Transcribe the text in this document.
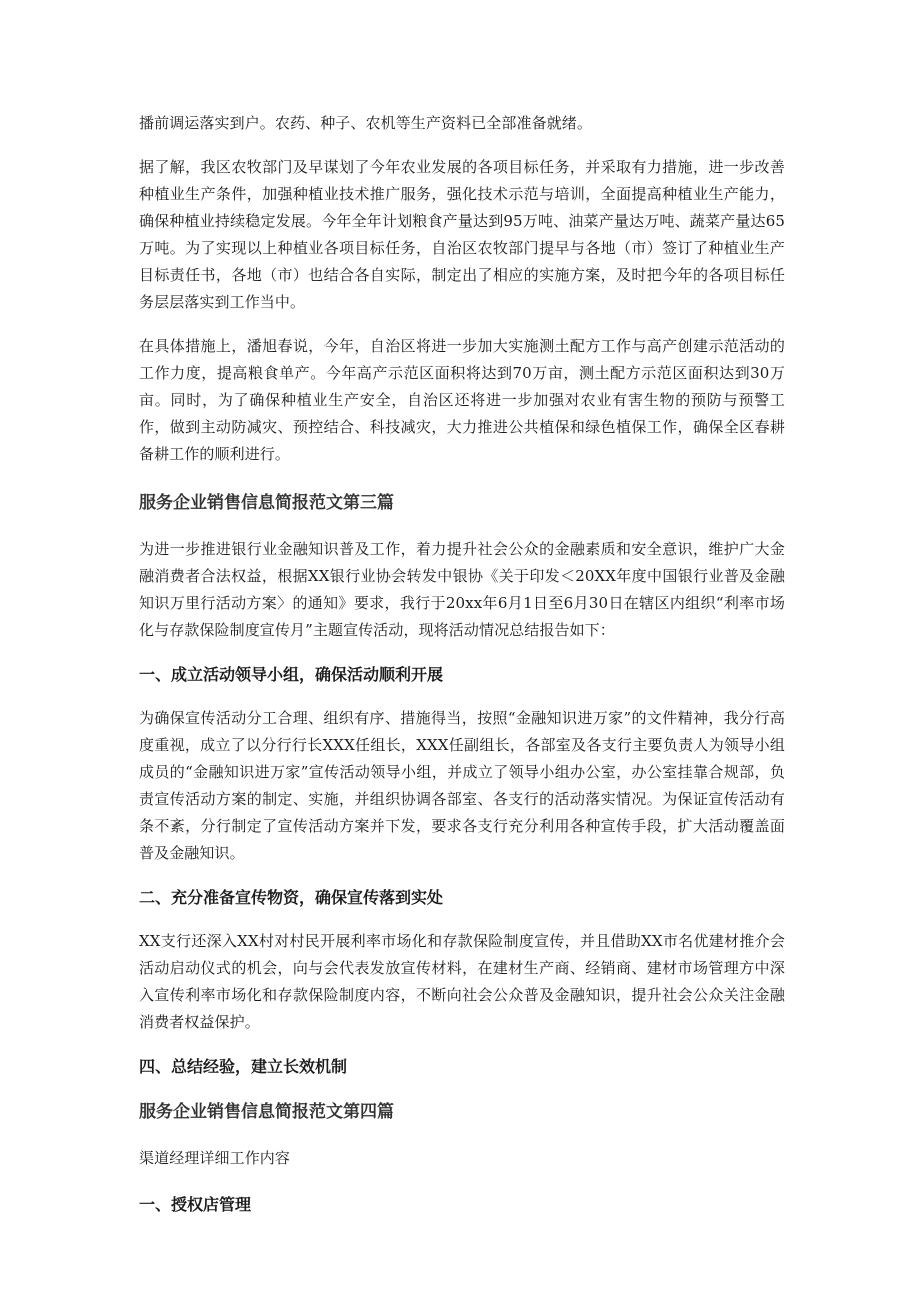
播前调运落实到户。农药、种子、农机等生产资料已全部准备就绪。

据了解，我区农牧部门及早谋划了今年农业发展的各项目标任务，并采取有力措施，进一步改善种植业生产条件，加强种植业技术推广服务，强化技术示范与培训，全面提高种植业生产能力，确保种植业持续稳定发展。今年全年计划粮食产量达到95万吨、油菜产量达万吨、蔬菜产量达65万吨。为了实现以上种植业各项目标任务，自治区农牧部门提早与各地（市）签订了种植业生产目标责任书，各地（市）也结合各自实际，制定出了相应的实施方案，及时把今年的各项目标任务层层落实到工作当中。

在具体措施上，潘旭春说，今年，自治区将进一步加大实施测土配方工作与高产创建示范活动的工作力度，提高粮食单产。今年高产示范区面积将达到70万亩，测土配方示范区面积达到30万亩。同时，为了确保种植业生产安全，自治区还将进一步加强对农业有害生物的预防与预警工作，做到主动防减灾、预控结合、科技减灾，大力推进公共植保和绿色植保工作，确保全区春耕备耕工作的顺利进行。

服务企业销售信息简报范文第三篇

为进一步推进银行业金融知识普及工作，着力提升社会公众的金融素质和安全意识，维护广大金融消费者合法权益，根据XX银行业协会转发中银协《关于印发＜20XX年度中国银行业普及金融知识万里行活动方案〉的通知》要求，我行于20xx年6月1日至6月30日在辖区内组织“利率市场化与存款保险制度宣传月”主题宣传活动，现将活动情况总结报告如下：

一、成立活动领导小组，确保活动顺利开展

为确保宣传活动分工合理、组织有序、措施得当，按照“金融知识进万家”的文件精神，我分行高度重视，成立了以分行行长XXX任组长，XXX任副组长，各部室及各支行主要负责人为领导小组成员的“金融知识进万家”宣传活动领导小组，并成立了领导小组办公室，办公室挂靠合规部，负责宣传活动方案的制定、实施，并组织协调各部室、各支行的活动落实情况。为保证宣传活动有条不紊，分行制定了宣传活动方案并下发，要求各支行充分利用各种宣传手段，扩大活动覆盖面普及金融知识。

二、充分准备宣传物资，确保宣传落到实处

XX支行还深入XX村对村民开展利率市场化和存款保险制度宣传，并且借助XX市名优建材推介会活动启动仪式的机会，向与会代表发放宣传材料，在建材生产商、经销商、建材市场管理方中深入宣传利率市场化和存款保险制度内容，不断向社会公众普及金融知识，提升社会公众关注金融消费者权益保护。

四、总结经验，建立长效机制
服务企业销售信息简报范文第四篇

渠道经理详细工作内容

一、授权店管理
